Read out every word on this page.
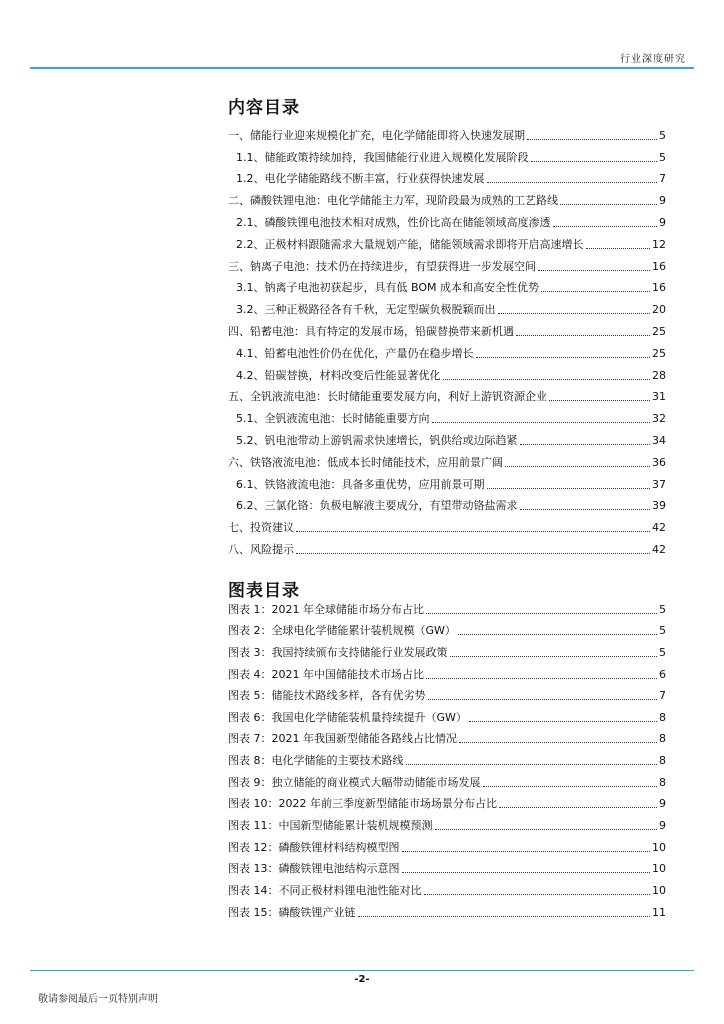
行业深度研究
内容目录
一、储能行业迎来规模化扩充，电化学储能即将入快速发展期	5
1.1、储能政策持续加持，我国储能行业进入规模化发展阶段	5
1.2、电化学储能路线不断丰富，行业获得快速发展	7
二、磷酸铁锂电池：电化学储能主力军，现阶段最为成熟的工艺路线	9
2.1、磷酸铁锂电池技术相对成熟，性价比高在储能领域高度渗透	9
2.2、正极材料跟随需求大量规划产能，储能领域需求即将开启高速增长	12
三、钠离子电池：技术仍在持续进步，有望获得进一步发展空间	16
3.1、钠离子电池初获起步，具有低 BOM 成本和高安全性优势	16
3.2、三种正极路径各有千秋，无定型碳负极脱颖而出	20
四、铅蓄电池：具有特定的发展市场，铅碳替换带来新机遇	25
4.1、铅蓄电池性价仍在优化，产量仍在稳步增长	25
4.2、铅碳替换，材料改变后性能显著优化	28
五、全钒液流电池：长时储能重要发展方向，利好上游钒资源企业	31
5.1、全钒液流电池：长时储能重要方向	32
5.2、钒电池带动上游钒需求快速增长，钒供给或边际趋紧	34
六、铁铬液流电池：低成本长时储能技术，应用前景广阔	36
6.1、铁铬液流电池：具备多重优势，应用前景可期	37
6.2、三氯化铬：负极电解液主要成分，有望带动铬盐需求	39
七、投资建议	42
八、风险提示	42
图表目录
图表 1：2021 年全球储能市场分布占比	5
图表 2：全球电化学储能累计装机规模（GW）	5
图表 3：我国持续颁布支持储能行业发展政策	5
图表 4：2021 年中国储能技术市场占比	6
图表 5：储能技术路线多样，各有优劣势	7
图表 6：我国电化学储能装机量持续提升（GW）	8
图表 7：2021 年我国新型储能各路线占比情况	8
图表 8：电化学储能的主要技术路线	8
图表 9：独立储能的商业模式大幅带动储能市场发展	8
图表 10：2022 年前三季度新型储能市场场景分布占比	9
图表 11：中国新型储能累计装机规模预测	9
图表 12：磷酸铁锂材料结构模型图	10
图表 13：磷酸铁锂电池结构示意图	10
图表 14：不同正极材料锂电池性能对比	10
图表 15：磷酸铁锂产业链	11
-2-
敬请参阅最后一页特别声明
